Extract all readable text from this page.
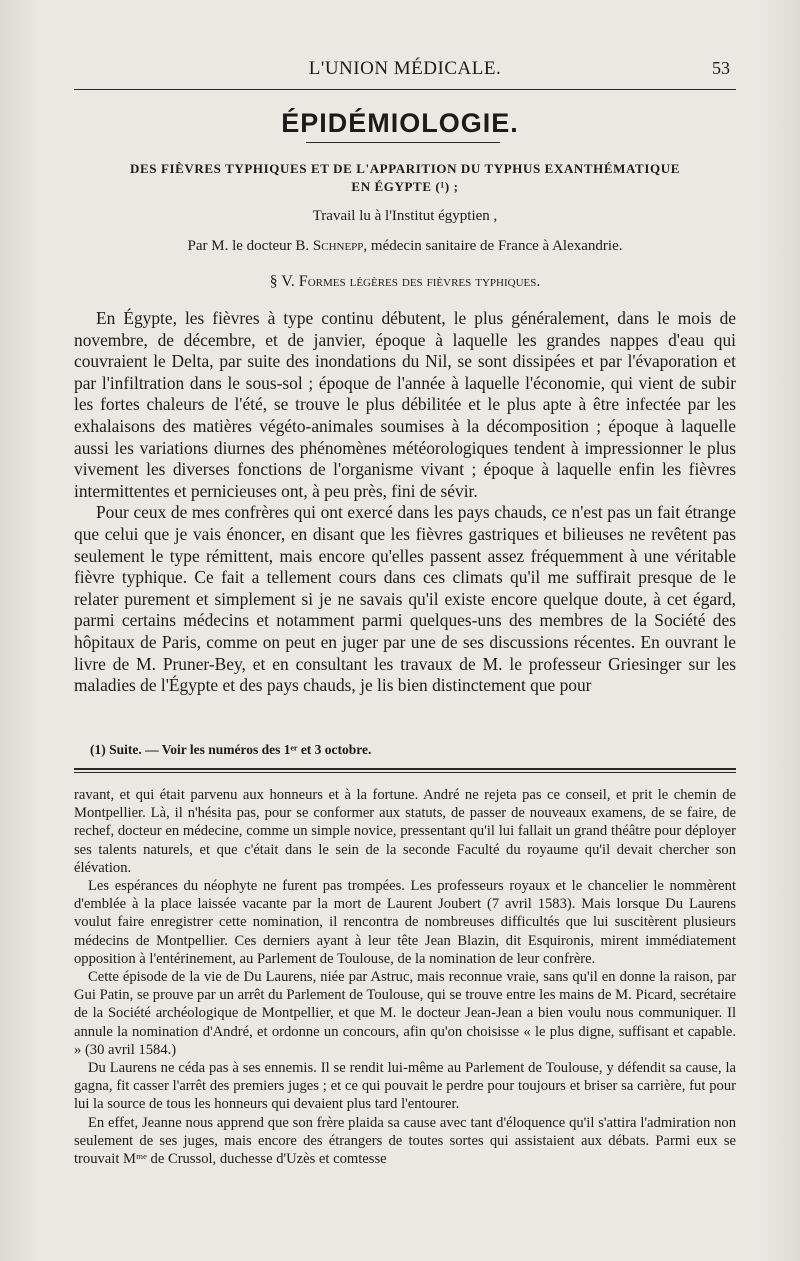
L'UNION MÉDICALE.	53
ÉPIDÉMIOLOGIE.
DES FIÈVRES TYPHIQUES ET DE L'APPARITION DU TYPHUS EXANTHÉMATIQUE
EN ÉGYPTE (¹) ;
Travail lu à l'Institut égyptien ,
Par M. le docteur B. Schnepp, médecin sanitaire de France à Alexandrie.
§ V. Formes légères des fièvres typhiques.

En Égypte, les fièvres à type continu débutent, le plus généralement, dans le mois de novembre, de décembre, et de janvier, époque à laquelle les grandes nappes d'eau qui couvraient le Delta, par suite des inondations du Nil, se sont dissipées et par l'évaporation et par l'infiltration dans le sous-sol ; époque de l'année à laquelle l'économie, qui vient de subir les fortes chaleurs de l'été, se trouve le plus débilitée et le plus apte à être infectée par les exhalaisons des matières végéto-animales soumises à la décomposition ; époque à laquelle aussi les variations diurnes des phénomènes météorologiques tendent à impressionner le plus vivement les diverses fonctions de l'organisme vivant ; époque à laquelle enfin les fièvres intermittentes et pernicieuses ont, à peu près, fini de sévir.

Pour ceux de mes confrères qui ont exercé dans les pays chauds, ce n'est pas un fait étrange que celui que je vais énoncer, en disant que les fièvres gastriques et bilieuses ne revêtent pas seulement le type rémittent, mais encore qu'elles passent assez fréquemment à une véritable fièvre typhique. Ce fait a tellement cours dans ces climats qu'il me suffirait presque de le relater purement et simplement si je ne savais qu'il existe encore quelque doute, à cet égard, parmi certains médecins et notamment parmi quelques-uns des membres de la Société des hôpitaux de Paris, comme on peut en juger par une de ses discussions récentes. En ouvrant le livre de M. Pruner-Bey, et en consultant les travaux de M. le professeur Griesinger sur les maladies de l'Égypte et des pays chauds, je lis bien distinctement que pour

(1) Suite. — Voir les numéros des 1ᵉʳ et 3 octobre.

ravant, et qui était parvenu aux honneurs et à la fortune. André ne rejeta pas ce conseil, et prit le chemin de Montpellier. Là, il n'hésita pas, pour se conformer aux statuts, de passer de nouveaux examens, de se faire, de rechef, docteur en médecine, comme un simple novice, pressentant qu'il lui fallait un grand théâtre pour déployer ses talents naturels, et que c'était dans le sein de la seconde Faculté du royaume qu'il devait chercher son élévation.

Les espérances du néophyte ne furent pas trompées. Les professeurs royaux et le chancelier le nommèrent d'emblée à la place laissée vacante par la mort de Laurent Joubert (7 avril 1583). Mais lorsque Du Laurens voulut faire enregistrer cette nomination, il rencontra de nombreuses difficultés que lui suscitèrent plusieurs médecins de Montpellier. Ces derniers ayant à leur tête Jean Blazin, dit Esquironis, mirent immédiatement opposition à l'entérinement, au Parlement de Toulouse, de la nomination de leur confrère.

Cette épisode de la vie de Du Laurens, niée par Astruc, mais reconnue vraie, sans qu'il en donne la raison, par Gui Patin, se prouve par un arrêt du Parlement de Toulouse, qui se trouve entre les mains de M. Picard, secrétaire de la Société archéologique de Montpellier, et que M. le docteur Jean-Jean a bien voulu nous communiquer. Il annule la nomination d'André, et ordonne un concours, afin qu'on choisisse « le plus digne, suffisant et capable. » (30 avril 1584.)

Du Laurens ne céda pas à ses ennemis. Il se rendit lui-même au Parlement de Toulouse, y défendit sa cause, la gagna, fit casser l'arrêt des premiers juges ; et ce qui pouvait le perdre pour toujours et briser sa carrière, fut pour lui la source de tous les honneurs qui devaient plus tard l'entourer.

En effet, Jeanne nous apprend que son frère plaida sa cause avec tant d'éloquence qu'il s'attira l'admiration non seulement de ses juges, mais encore des étrangers de toutes sortes qui assistaient aux débats. Parmi eux se trouvait Mᵐᵉ de Crussol, duchesse d'Uzès et comtesse
